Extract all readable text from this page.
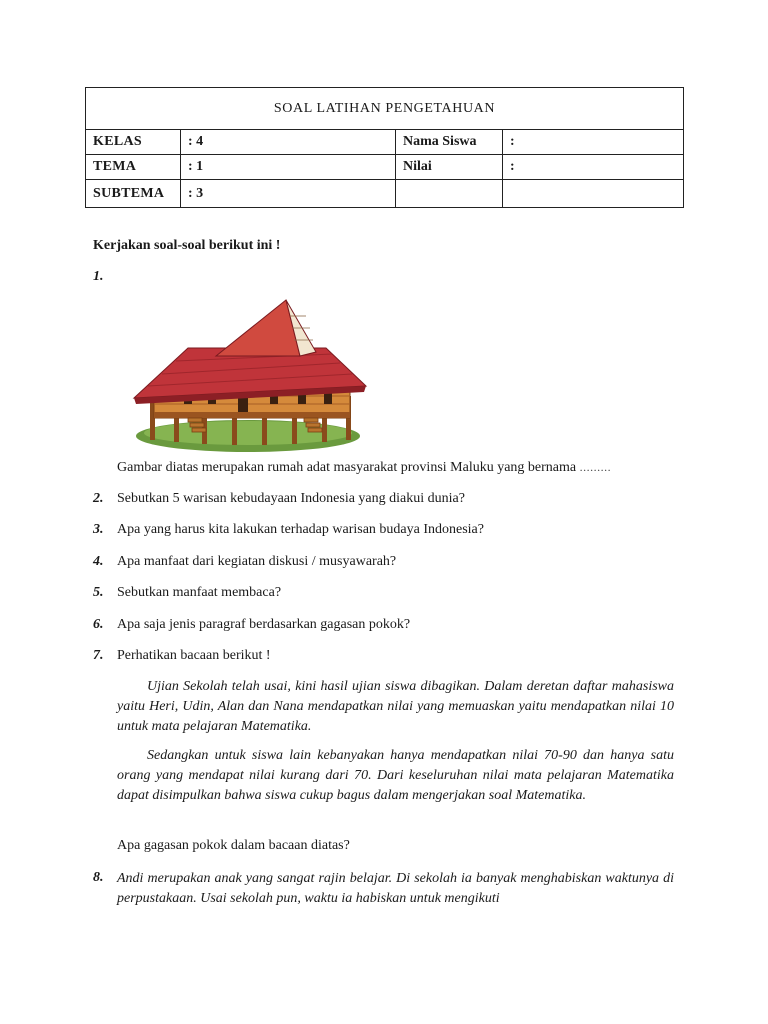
SOAL LATIHAN PENGETAHUAN			
KELAS	: 4	Nama Siswa	:
TEMA	: 1	Nilai	:
SUBTEMA	: 3		
Kerjakan soal-soal berikut ini !
1.
Gambar diatas merupakan rumah adat masyarakat provinsi Maluku yang bernama .........
2. Sebutkan 5 warisan kebudayaan Indonesia yang diakui dunia?
3. Apa yang harus kita lakukan terhadap warisan budaya Indonesia?
4. Apa manfaat dari kegiatan diskusi / musyawarah?
5. Sebutkan manfaat membaca?
6. Apa saja jenis paragraf berdasarkan gagasan pokok?
7. Perhatikan bacaan berikut !

Ujian Sekolah telah usai, kini hasil ujian siswa dibagikan. Dalam deretan daftar mahasiswa yaitu Heri, Udin, Alan dan Nana mendapatkan nilai yang memuaskan yaitu mendapatkan nilai 10 untuk mata pelajaran Matematika.

Sedangkan untuk siswa lain kebanyakan hanya mendapatkan nilai 70-90 dan hanya satu orang yang mendapat nilai kurang dari 70. Dari keseluruhan nilai mata pelajaran Matematika dapat disimpulkan bahwa siswa cukup bagus dalam mengerjakan soal Matematika.

Apa gagasan pokok dalam bacaan diatas?
8. Andi merupakan anak yang sangat rajin belajar. Di sekolah ia banyak menghabiskan waktunya di perpustakaan. Usai sekolah pun, waktu ia habiskan untuk mengikuti
